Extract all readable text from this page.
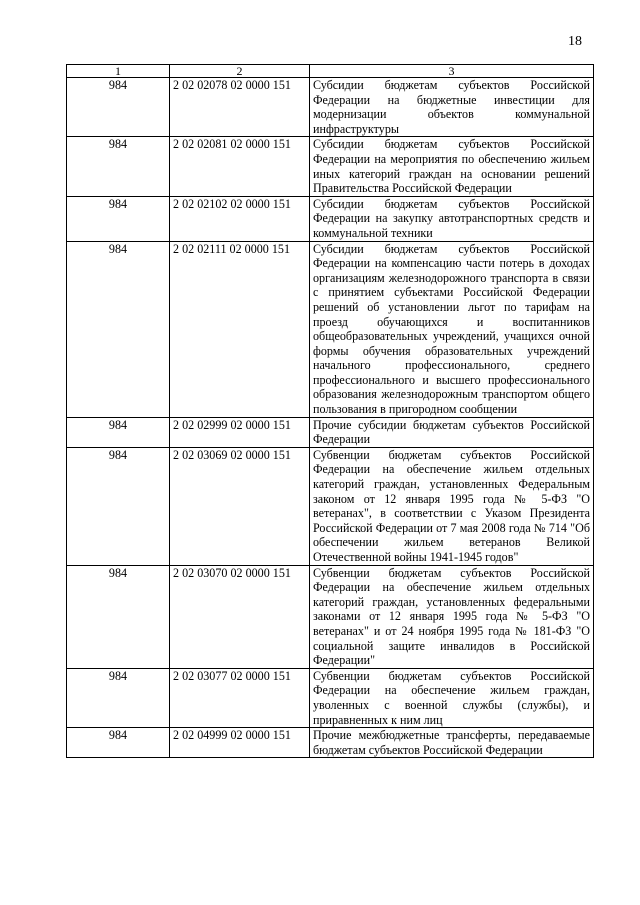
18
1	2	3
984	2 02 02078 02 0000 151	Субсидии бюджетам субъектов Российской Федерации на бюджетные инвестиции для модернизации объектов коммунальной инфраструктуры
984	2 02 02081 02 0000 151	Субсидии бюджетам субъектов Российской Федерации на мероприятия по обеспечению жильем иных категорий граждан на основании решений Правительства Российской Федерации
984	2 02 02102 02 0000 151	Субсидии бюджетам субъектов Российской Федерации на закупку автотранспортных средств и коммунальной техники
984	2 02 02111 02 0000 151	Субсидии бюджетам субъектов Российской Федерации на компенсацию части потерь в доходах организациям железнодорожного транспорта в связи с принятием субъектами Российской Федерации решений об установлении льгот по тарифам на проезд обучающихся и воспитанников общеобразовательных учреждений, учащихся очной формы обучения образовательных учреждений начального профессионального, среднего профессионального и высшего профессионального образования железнодорожным транспортом общего пользования в пригородном сообщении
984	2 02 02999 02 0000 151	Прочие субсидии бюджетам субъектов Российской Федерации
984	2 02 03069 02 0000 151	Субвенции бюджетам субъектов Российской Федерации на обеспечение жильем отдельных категорий граждан, установленных Федеральным законом от 12 января 1995 года № 5-ФЗ "О ветеранах", в соответствии с Указом Президента Российской Федерации от 7 мая 2008 года № 714 "Об обеспечении жильем ветеранов Великой Отечественной войны 1941-1945 годов"
984	2 02 03070 02 0000 151	Субвенции бюджетам субъектов Российской Федерации на обеспечение жильем отдельных категорий граждан, установленных федеральными законами от 12 января 1995 года № 5-ФЗ "О ветеранах" и от 24 ноября 1995 года № 181-ФЗ "О социальной защите инвалидов в Российской Федерации"
984	2 02 03077 02 0000 151	Субвенции бюджетам субъектов Российской Федерации на обеспечение жильем граждан, уволенных с военной службы (службы), и приравненных к ним лиц
984	2 02 04999 02 0000 151	Прочие межбюджетные трансферты, передаваемые бюджетам субъектов Российской Федерации
